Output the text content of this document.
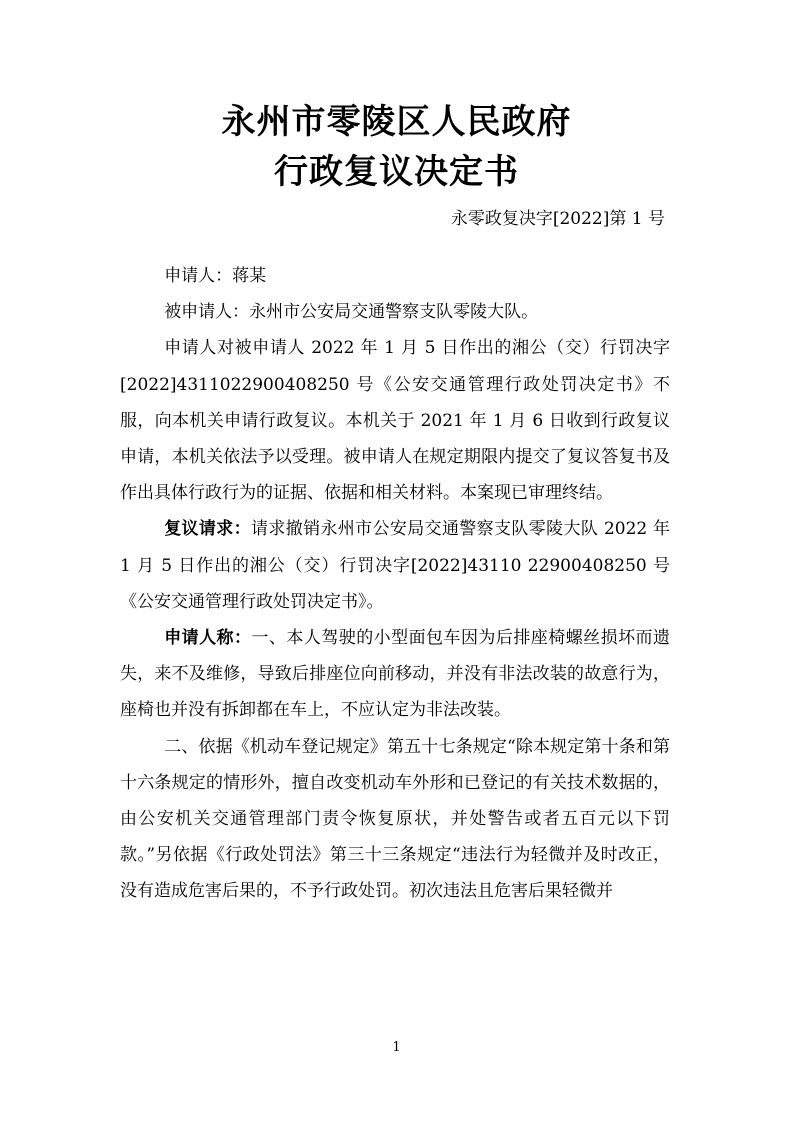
永州市零陵区人民政府
行政复议决定书
永零政复决字[2022]第 1 号

申请人：蒋某

被申请人：永州市公安局交通警察支队零陵大队。

申请人对被申请人 2022 年 1 月 5 日作出的湘公（交）行罚决字[2022]4311022900408250 号《公安交通管理行政处罚决定书》不服，向本机关申请行政复议。本机关于 2021 年 1 月 6 日收到行政复议申请，本机关依法予以受理。被申请人在规定期限内提交了复议答复书及作出具体行政行为的证据、依据和相关材料。本案现已审理终结。

复议请求：请求撤销永州市公安局交通警察支队零陵大队 2022 年 1 月 5 日作出的湘公（交）行罚决字[2022]43110 22900408250 号《公安交通管理行政处罚决定书》。

申请人称：一、本人驾驶的小型面包车因为后排座椅螺丝损坏而遗失，来不及维修，导致后排座位向前移动，并没有非法改装的故意行为，座椅也并没有拆卸都在车上，不应认定为非法改装。

二、依据《机动车登记规定》第五十七条规定“除本规定第十条和第十六条规定的情形外，擅自改变机动车外形和已登记的有关技术数据的，由公安机关交通管理部门责令恢复原状，并处警告或者五百元以下罚款。”另依据《行政处罚法》第三十三条规定“违法行为轻微并及时改正，没有造成危害后果的，不予行政处罚。初次违法且危害后果轻微并

1
